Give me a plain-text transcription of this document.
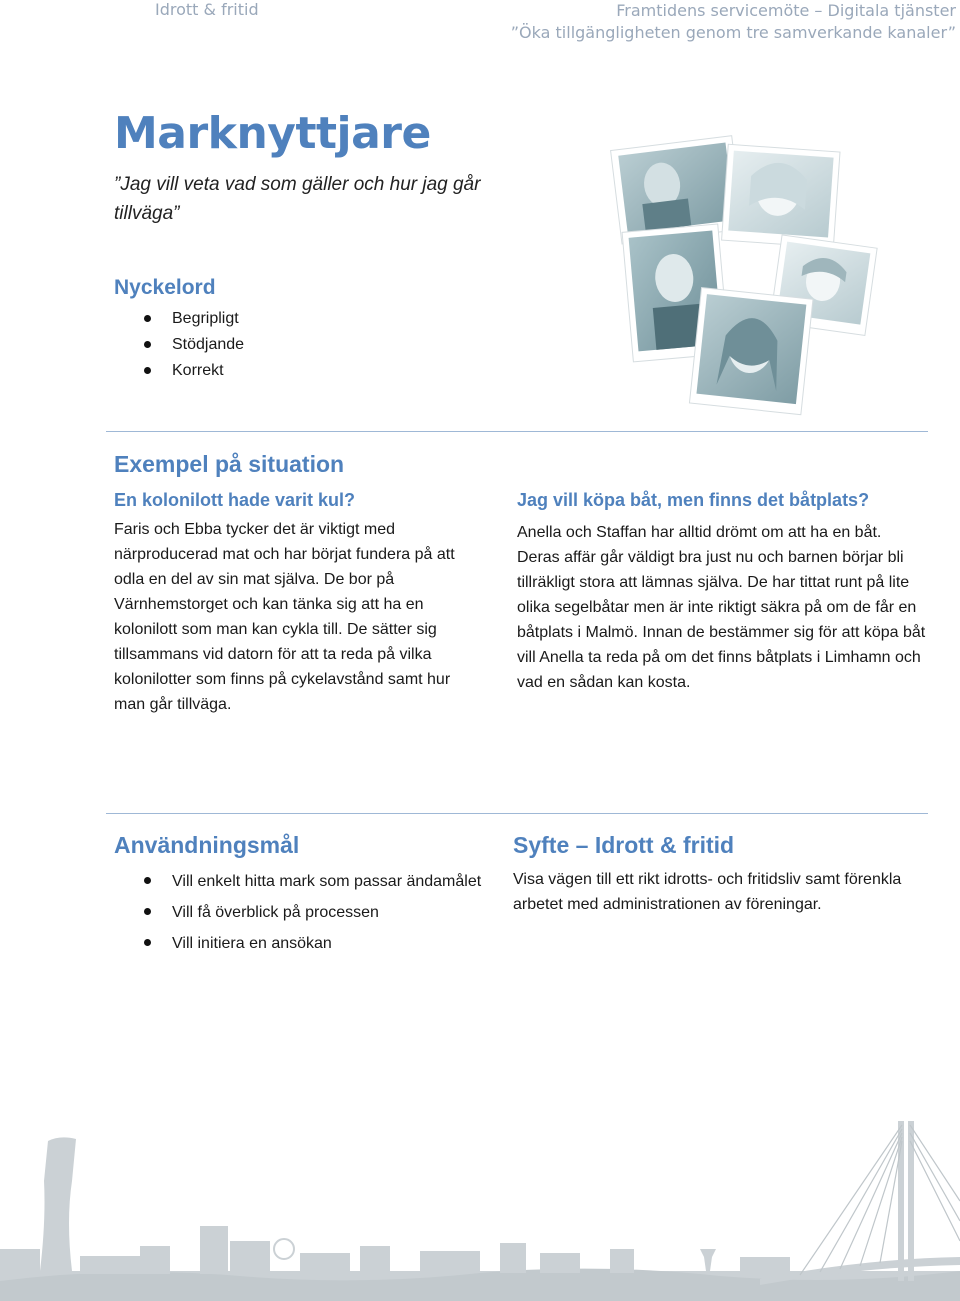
Idrott & fritid	Framtidens servicemöte – Digitala tjänster
”Öka tillgängligheten genom tre samverkande kanaler”
Marknyttjare

”Jag vill veta vad som gäller och hur jag går tillväga”

Nyckelord
Begripligt
Stödjande
Korrekt
Exempel på situation
En kolonilott hade varit kul?

Faris och Ebba tycker det är viktigt med närproducerad mat och har börjat fundera på att odla en del av sin mat själva. De bor på Värnhemstorget och kan tänka sig att ha en kolonilott som man kan cykla till. De sätter sig tillsammans vid datorn för att ta reda på vilka kolonilotter som finns på cykelavstånd samt hur man går tillväga.

Jag vill köpa båt, men finns det båtplats?

Anella och Staffan har alltid drömt om att ha en båt. Deras affär går väldigt bra just nu och barnen börjar bli tillräkligt stora att lämnas själva. De har tittat runt på lite olika segelbåtar men är inte riktigt säkra på om de får en båtplats i Malmö. Innan de bestämmer sig för att köpa båt vill Anella ta reda på om det finns båtplats i Limhamn och vad en sådan kan kosta.

Användningsmål
Vill enkelt hitta mark som passar ändamålet
Vill få överblick på processen
Vill initiera en ansökan
Syfte – Idrott & fritid

Visa vägen till ett rikt idrotts- och fritidsliv samt förenkla arbetet med administrationen av föreningar.
